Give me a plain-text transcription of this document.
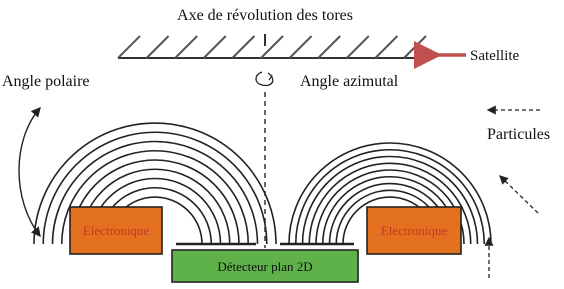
Axe de révolution des tores
Satellite
Angle polaire	Angle azimutal
Particules
Electronique	Electronique
Détecteur plan 2D
